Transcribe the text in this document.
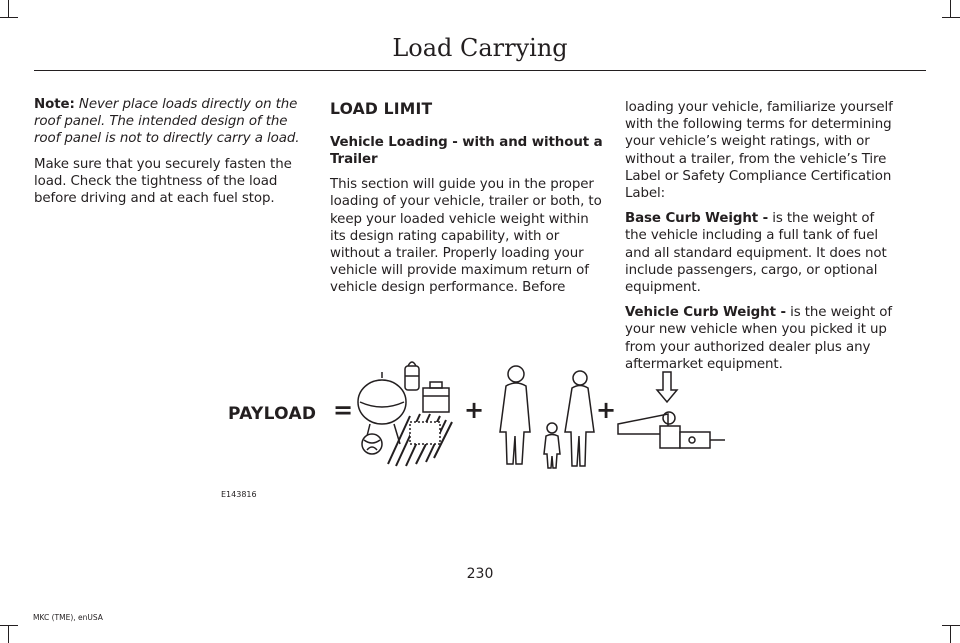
Load Carrying

Note: Never place loads directly on the roof panel. The intended design of the roof panel is not to directly carry a load.

Make sure that you securely fasten the load. Check the tightness of the load before driving and at each fuel stop.

LOAD LIMIT
Vehicle Loading - with and without a Trailer

This section will guide you in the proper loading of your vehicle, trailer or both, to keep your loaded vehicle weight within its design rating capability, with or without a trailer. Properly loading your vehicle will provide maximum return of vehicle design performance. Before

loading your vehicle, familiarize yourself with the following terms for determining your vehicle’s weight ratings, with or without a trailer, from the vehicle’s Tire Label or Safety Compliance Certification Label:

Base Curb Weight - is the weight of the vehicle including a full tank of fuel and all standard equipment. It does not include passengers, cargo, or optional equipment.

Vehicle Curb Weight - is the weight of your new vehicle when you picked it up from your authorized dealer plus any aftermarket equipment.

PAYLOAD =	+	+
E143816
230
MKC (TME), enUSA
